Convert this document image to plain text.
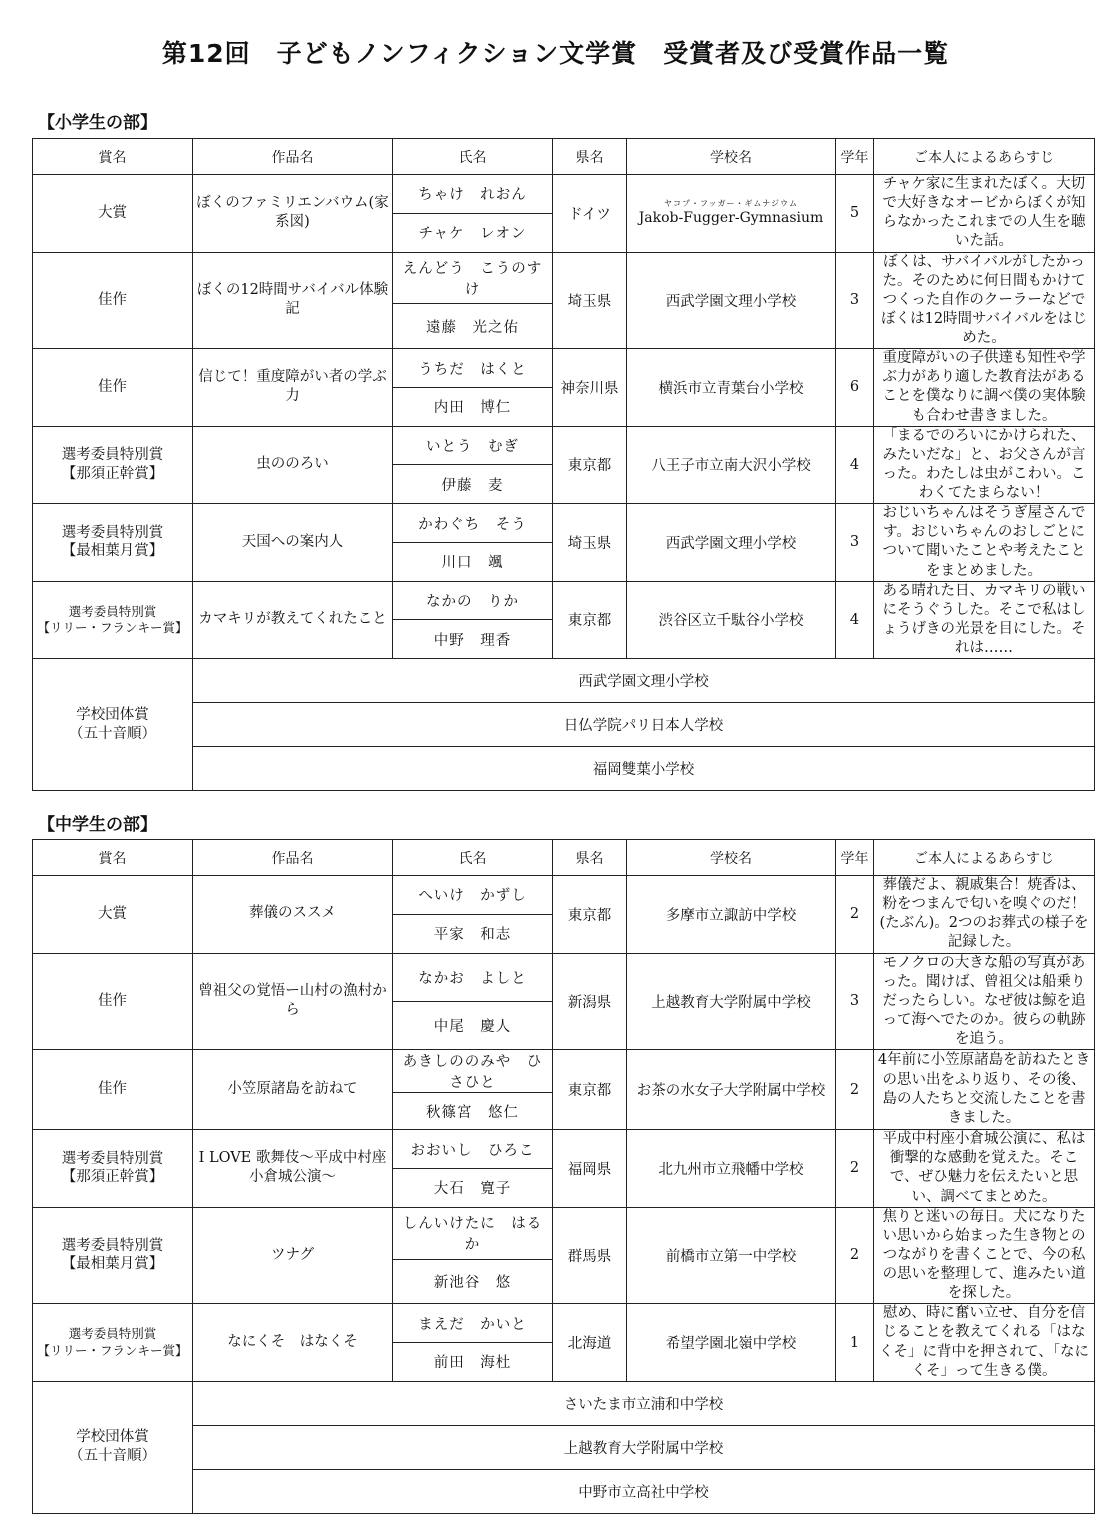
第12回　子どもノンフィクション文学賞　受賞者及び受賞作品一覧
【小学生の部】
賞名	作品名	氏名	県名	学校名	学年	ご本人によるあらすじ

大賞	ぼくのファミリエンバウム(家系図)	ちゃけ　れおん	ドイツ	ヤコプ・フッガー・ギムナジウム
Jakob-Fugger-Gymnasium	5	チャケ家に生まれたぼく。大切で大好きなオービからぼくが知らなかったこれまでの人生を聴いた話。
		チャケ　レオン				

佳作	ぼくの12時間サバイバル体験記	えんどう　こうのすけ	埼玉県	西武学園文理小学校	3	ぼくは、サバイバルがしたかった。そのために何日間もかけてつくった自作のクーラーなどでぼくは12時間サバイバルをはじめた。
		遠藤　光之佑				

佳作	信じて！重度障がい者の学ぶ力	うちだ　はくと	神奈川県	横浜市立青葉台小学校	6	重度障がいの子供達も知性や学ぶ力があり適した教育法があることを僕なりに調べ僕の実体験も合わせ書きました。
		内田　博仁				

選考委員特別賞
【那須正幹賞】	虫ののろい	いとう　むぎ	東京都	八王子市立南大沢小学校	4	「まるでのろいにかけられた、みたいだな」と、お父さんが言った。わたしは虫がこわい。こわくてたまらない！
		伊藤　麦				

選考委員特別賞
【最相葉月賞】	天国への案内人	かわぐち　そう	埼玉県	西武学園文理小学校	3	おじいちゃんはそうぎ屋さんです。おじいちゃんのおしごとについて聞いたことや考えたことをまとめました。
		川口　颯				

選考委員特別賞
【リリー・フランキー賞】	カマキリが教えてくれたこと	なかの　りか	東京都	渋谷区立千駄谷小学校	4	ある晴れた日、カマキリの戦いにそうぐうした。そこで私はしょうげきの光景を目にした。それは……
		中野　理香				

学校団体賞
（五十音順）	西武学園文理小学校					
	日仏学院パリ日本人学校					
	福岡雙葉小学校					
【中学生の部】
賞名	作品名	氏名	県名	学校名	学年	ご本人によるあらすじ

大賞	葬儀のススメ	へいけ　かずし	東京都	多摩市立諏訪中学校	2	葬儀だよ、親戚集合！焼香は、粉をつまんで匂いを嗅ぐのだ！(たぶん)。2つのお葬式の様子を記録した。
		平家　和志				

佳作	曾祖父の覚悟ー山村の漁村から	なかお　よしと	新潟県	上越教育大学附属中学校	3	モノクロの大きな船の写真があった。聞けば、曾祖父は船乗りだったらしい。なぜ彼は鯨を追って海へでたのか。彼らの軌跡を追う。
		中尾　慶人				

佳作	小笠原諸島を訪ねて	あきしののみや　ひさひと	東京都	お茶の水女子大学附属中学校	2	4年前に小笠原諸島を訪ねたときの思い出をふり返り、その後、島の人たちと交流したことを書きました。
		秋篠宮　悠仁				

選考委員特別賞
【那須正幹賞】	I LOVE 歌舞伎～平成中村座小倉城公演～	おおいし　ひろこ	福岡県	北九州市立飛幡中学校	2	平成中村座小倉城公演に、私は衝撃的な感動を覚えた。そこで、ぜひ魅力を伝えたいと思い、調べてまとめた。
		大石　寛子				

選考委員特別賞
【最相葉月賞】	ツナグ	しんいけたに　はるか	群馬県	前橋市立第一中学校	2	焦りと迷いの毎日。犬になりたい思いから始まった生き物とのつながりを書くことで、今の私の思いを整理して、進みたい道を探した。
		新池谷　悠				

選考委員特別賞
【リリー・フランキー賞】	なにくそ　はなくそ	まえだ　かいと	北海道	希望学園北嶺中学校	1	慰め、時に奮い立せ、自分を信じることを教えてくれる「はなくそ」に背中を押されて、「なにくそ」って生きる僕。
		前田　海杜				

学校団体賞
（五十音順）	さいたま市立浦和中学校					
	上越教育大学附属中学校					
	中野市立高社中学校					
